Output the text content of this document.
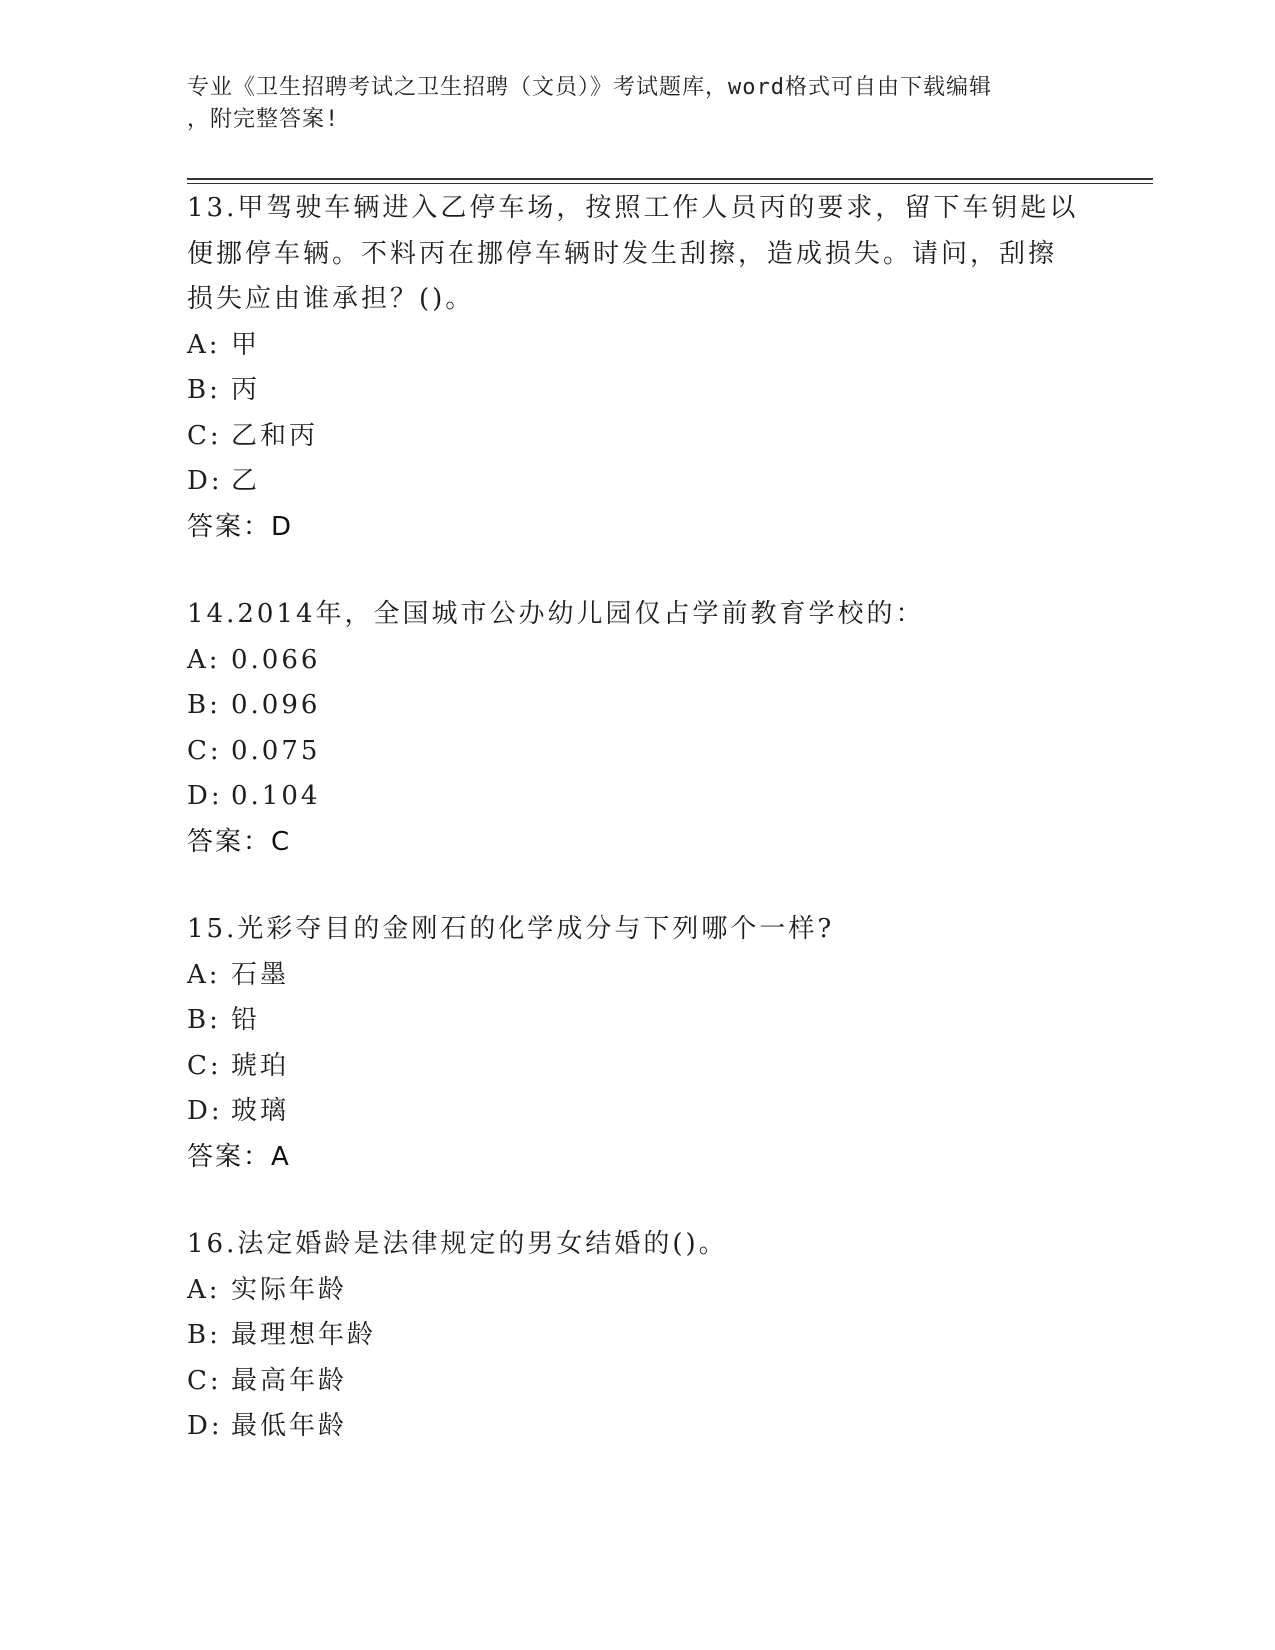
专业《卫生招聘考试之卫生招聘（文员）》考试题库，word格式可自由下载编辑
，附完整答案!
13.甲驾驶车辆进入乙停车场，按照工作人员丙的要求，留下车钥匙以
便挪停车辆。不料丙在挪停车辆时发生刮擦，造成损失。请问，刮擦
损失应由谁承担？()。
A: 甲
B: 丙
C: 乙和丙
D: 乙
答案：D
14.2014年，全国城市公办幼儿园仅占学前教育学校的：
A: 0.066
B: 0.096
C: 0.075
D: 0.104
答案：C
15.光彩夺目的金刚石的化学成分与下列哪个一样?
A: 石墨
B: 铅
C: 琥珀
D: 玻璃
答案：A
16.法定婚龄是法律规定的男女结婚的()。
A: 实际年龄
B: 最理想年龄
C: 最高年龄
D: 最低年龄
